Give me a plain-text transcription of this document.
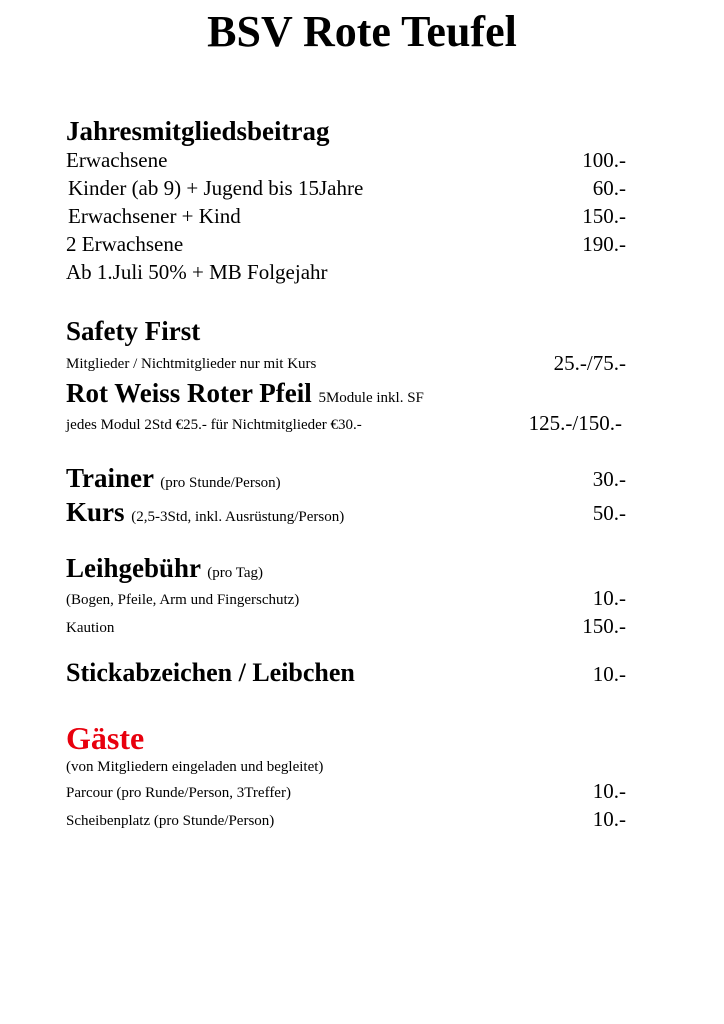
BSV Rote Teufel
Jahresmitgliedsbeitrag
Erwachsene	100.-
Kinder (ab 9) + Jugend bis 15Jahre	60.-
Erwachsener + Kind	150.-
2 Erwachsene	190.-
Ab 1.Juli 50% + MB Folgejahr
Safety First
Mitglieder / Nichtmitglieder nur mit Kurs	25.-/75.-
Rot Weiss Roter Pfeil 5Module inkl. SF
jedes Modul 2Std €25.- für Nichtmitglieder €30.-	125.-/150.-
Trainer (pro Stunde/Person)	30.-
Kurs (2,5-3Std, inkl. Ausrüstung/Person)	50.-
Leihgebühr (pro Tag)
(Bogen, Pfeile, Arm und Fingerschutz)	10.-
Kaution	150.-
Stickabzeichen / Leibchen	10.-
Gäste
(von Mitgliedern eingeladen und begleitet)
Parcour (pro Runde/Person, 3Treffer)	10.-
Scheibenplatz (pro Stunde/Person)	10.-
